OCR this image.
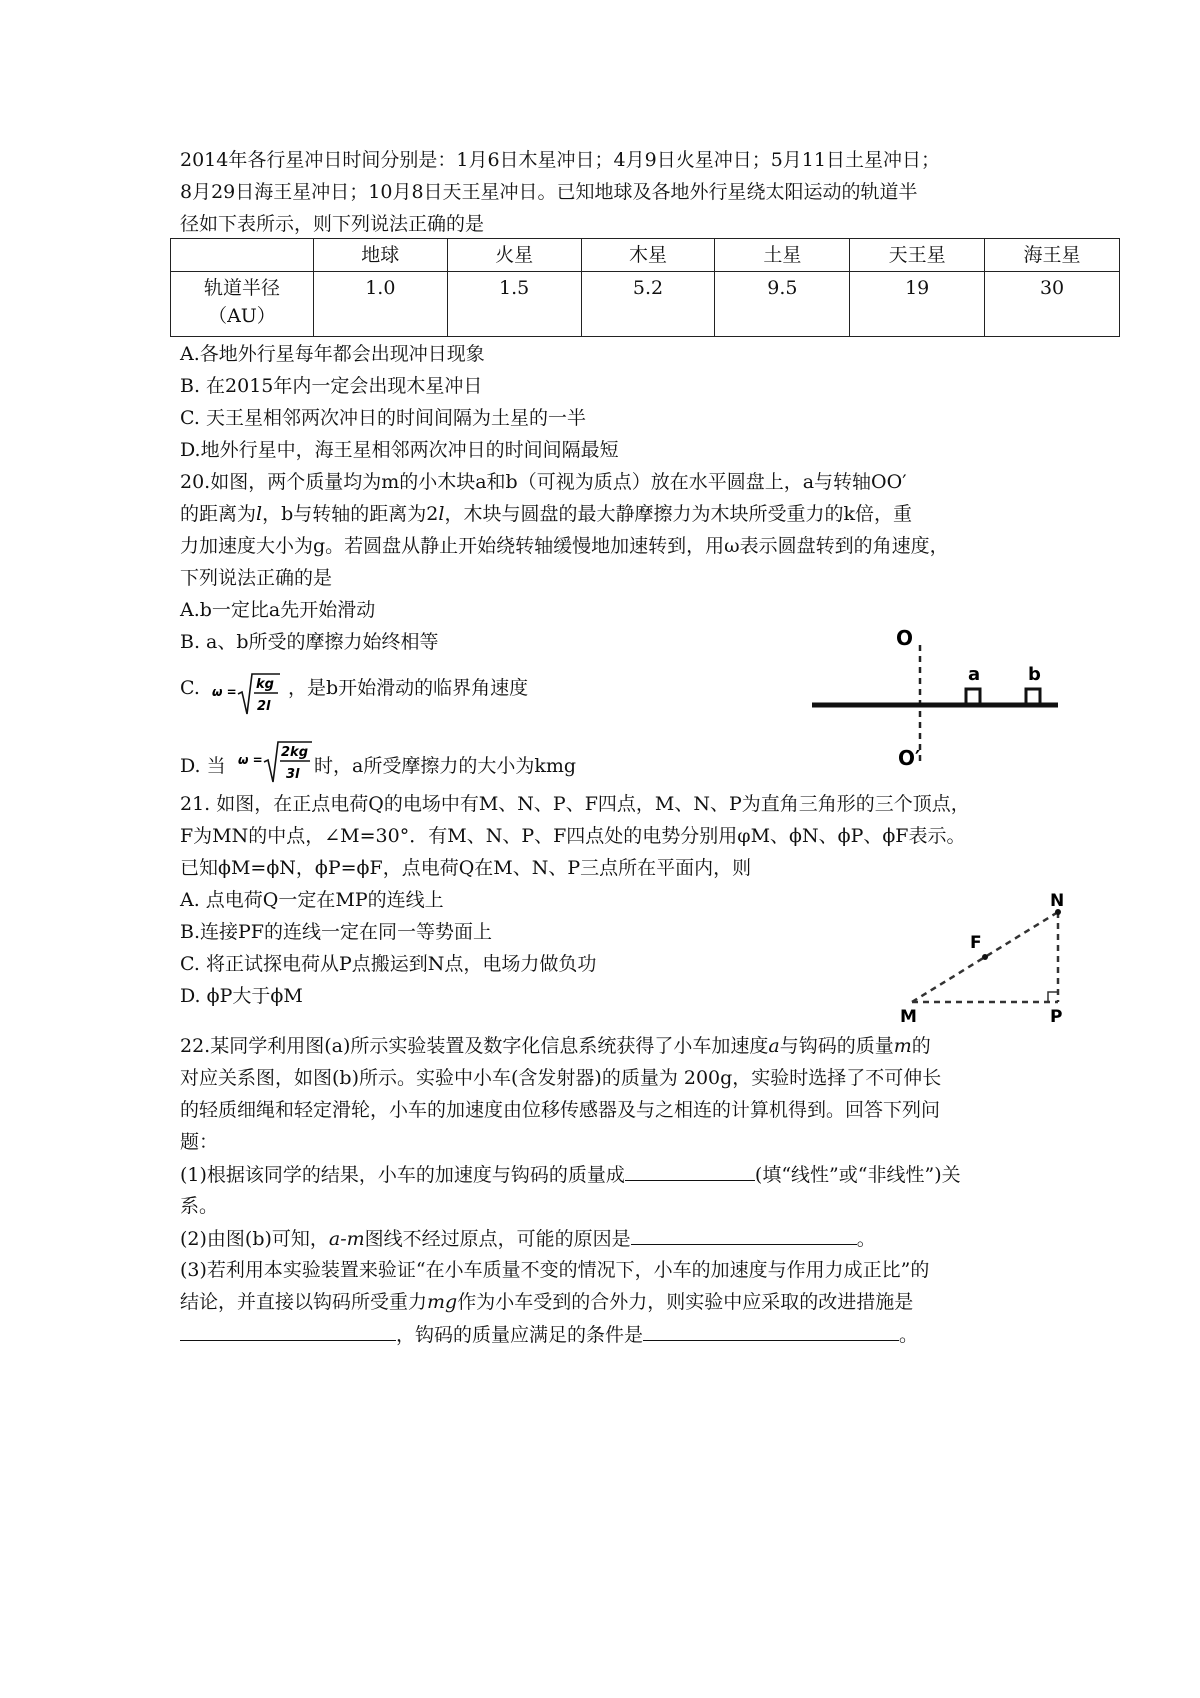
2014年各行星冲日时间分别是：1月6日木星冲日；4月9日火星冲日；5月11日土星冲日；
8月29日海王星冲日；10月8日天王星冲日。已知地球及各地外行星绕太阳运动的轨道半
径如下表所示，则下列说法正确的是
	地球	火星	木星	土星	天王星	海王星

轨道半径
（AU）	1.0	1.5	5.2	9.5	19	30
A.各地外行星每年都会出现冲日现象
B. 在2015年内一定会出现木星冲日
C. 天王星相邻两次冲日的时间间隔为土星的一半
D.地外行星中，海王星相邻两次冲日的时间间隔最短
20.如图，两个质量均为m的小木块a和b（可视为质点）放在水平圆盘上，a与转轴OO′
的距离为l，b与转轴的距离为2l，木块与圆盘的最大静摩擦力为木块所受重力的k倍，重
力加速度大小为g。若圆盘从静止开始绕转轴缓慢地加速转到，用ω表示圆盘转到的角速度，
下列说法正确的是
A.b一定比a先开始滑动
B. a、b所受的摩擦力始终相等
C. ω = kg
2l
，是b开始滑动的临界角速度
D. 当 ω = 2kg
3l 时，a所受摩擦力的大小为kmg
O
O′
a	b
21. 如图，在正点电荷Q的电场中有M、N、P、F四点，M、N、P为直角三角形的三个顶点，
F为MN的中点，∠M=30°．有M、N、P、F四点处的电势分别用φM、ϕN、ϕP、ϕF表示。
已知ϕM=ϕN，ϕP=ϕF，点电荷Q在M、N、P三点所在平面内，则
A. 点电荷Q一定在MP的连线上
B.连接PF的连线一定在同一等势面上
C. 将正试探电荷从P点搬运到N点，电场力做负功
D. ϕP大于ϕM
N
F
M	P
22.某同学利用图(a)所示实验装置及数字化信息系统获得了小车加速度a与钩码的质量m的
对应关系图，如图(b)所示。实验中小车(含发射器)的质量为 200g，实验时选择了不可伸长
的轻质细绳和轻定滑轮，小车的加速度由位移传感器及与之相连的计算机得到。回答下列问
题：
(1)根据该同学的结果，小车的加速度与钩码的质量成	(填“线性”或“非线性”)关
系。
(2)由图(b)可知，a-m图线不经过原点，可能的原因是	。
(3)若利用本实验装置来验证“在小车质量不变的情况下，小车的加速度与作用力成正比”的
结论，并直接以钩码所受重力mg作为小车受到的合外力，则实验中应采取的改进措施是
，钩码的质量应满足的条件是	。
